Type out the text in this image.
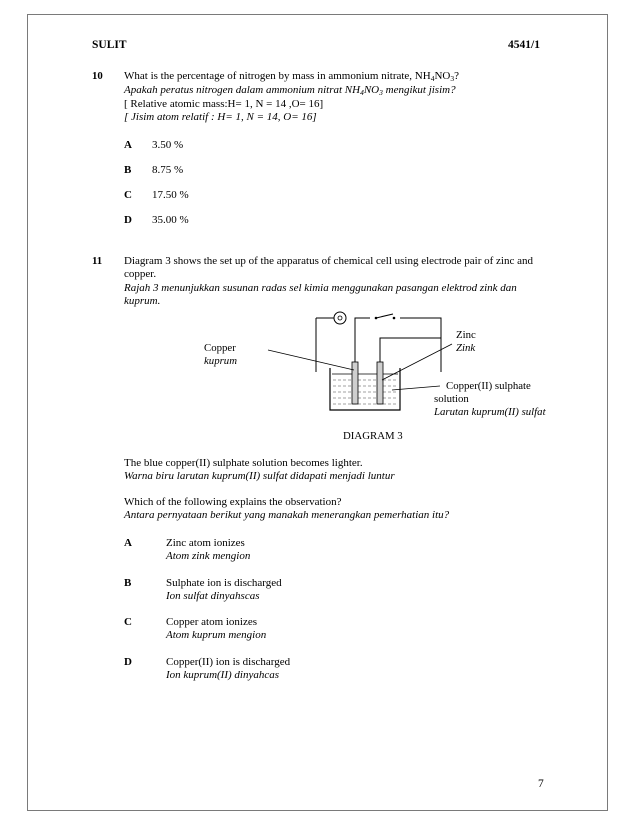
SULIT	4541/1
10 What is the percentage of nitrogen by mass in ammonium nitrate, $NH_4NO_3$?
Apakah peratus nitrogen dalam ammonium nitrat $NH_4NO_3$ mengikut jisim?
[ Relative atomic mass:H= 1, N = 14 ,O= 16]
[ Jisim atom relatif : H= 1, N = 14, O= 16]
A 3.50 %
B 8.75 %
C 17.50 %
D 35.00 %
11 Diagram 3 shows the set up of the apparatus of chemical cell using electrode pair of zinc and
copper.
Rajah 3 menunjukkan susunan radas sel kimia menggunakan pasangan elektrod zink dan
kuprum.
Copper
kuprum
Zinc
Zink
Copper(II) sulphate
solution
Larutan kuprum(II) sulfat
DIAGRAM 3
The blue copper(II) sulphate solution becomes lighter.
Warna biru larutan kuprum(II) sulfat didapati menjadi luntur
Which of the following explains the observation?
Antara pernyataan berikut yang manakah menerangkan pemerhatian itu?
A	Zinc atom ionizes
Atom zink mengion
B	Sulphate ion is discharged
Ion sulfat dinyahscas
C	Copper atom ionizes
Atom kuprum mengion
D	Copper(II) ion is discharged
Ion kuprum(II) dinyahcas
7
